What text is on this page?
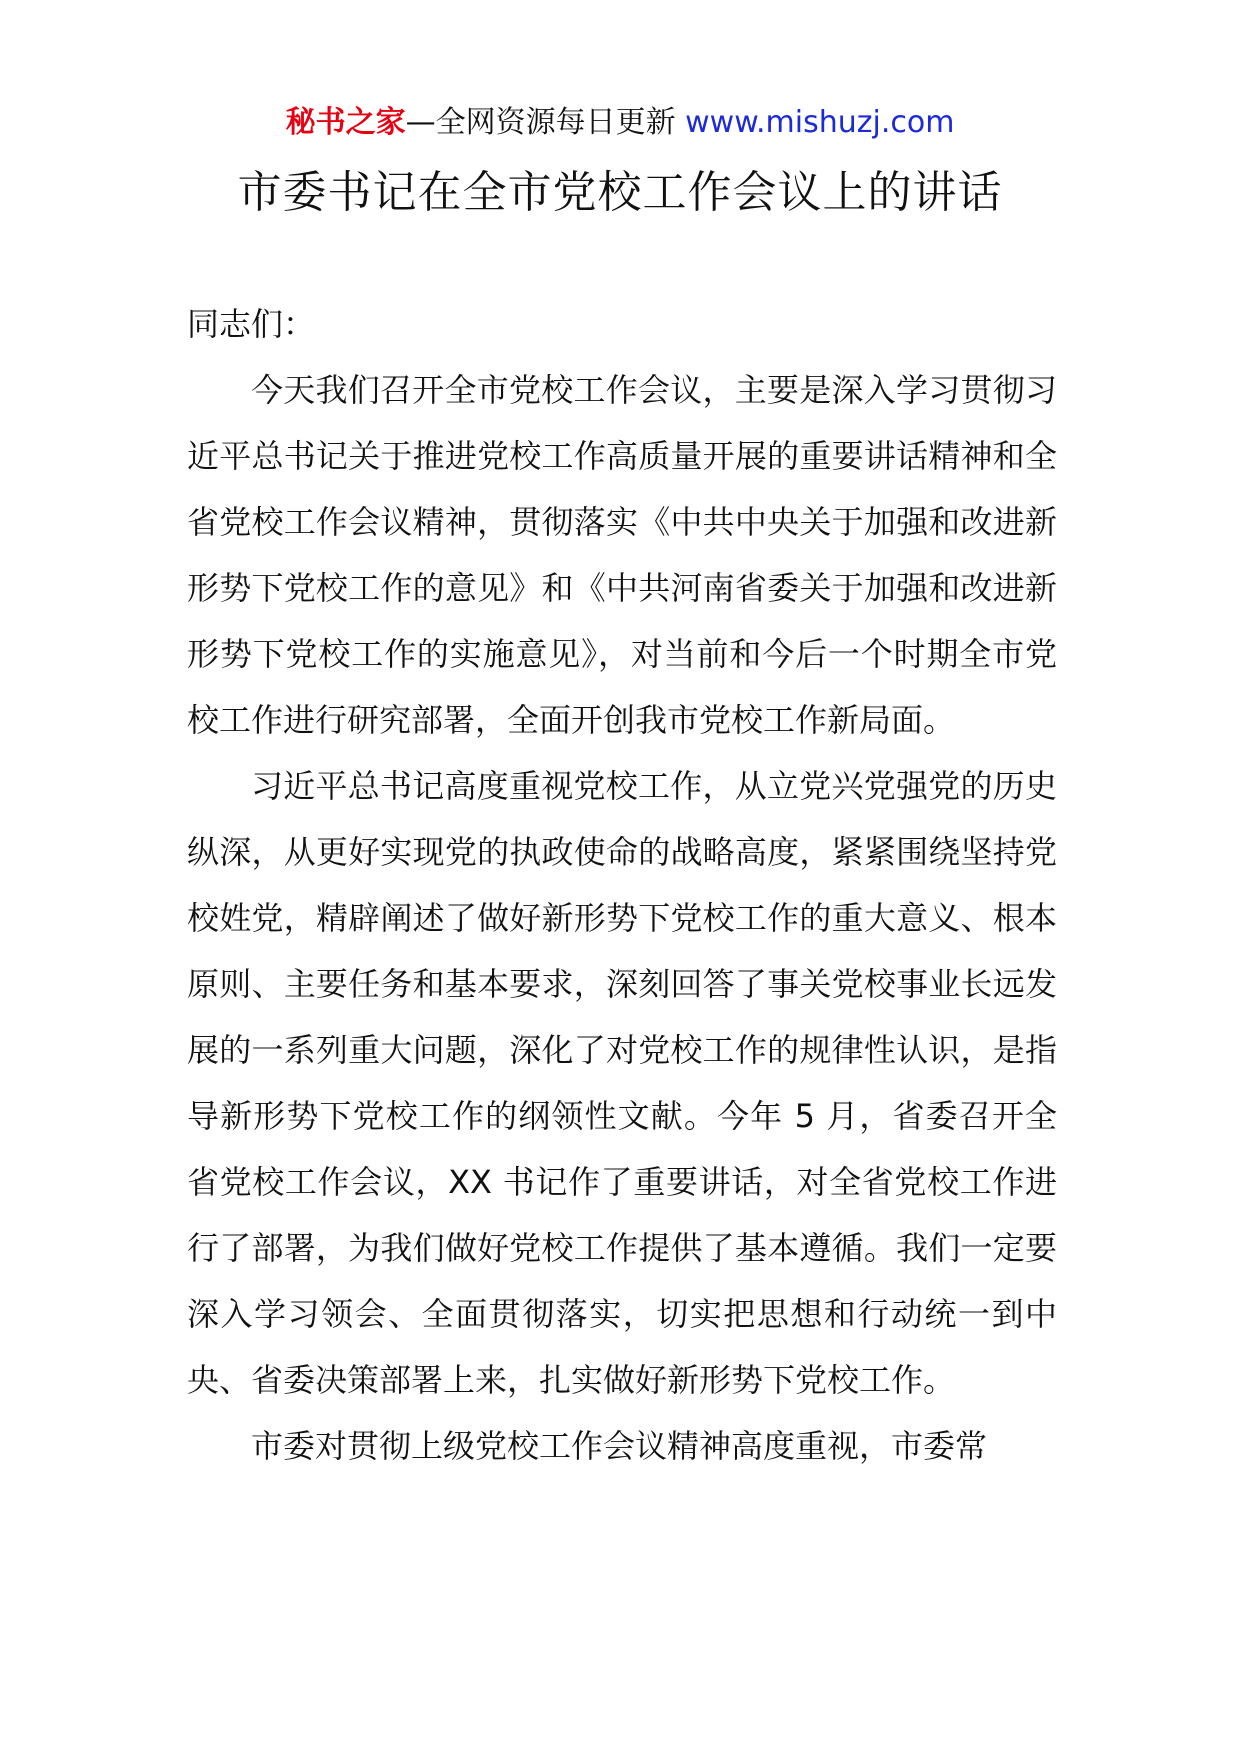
秘书之家—全网资源每日更新 www.mishuzj.com
市委书记在全市党校工作会议上的讲话

同志们：

今天我们召开全市党校工作会议，主要是深入学习贯彻习近平总书记关于推进党校工作高质量开展的重要讲话精神和全省党校工作会议精神，贯彻落实《中共中央关于加强和改进新形势下党校工作的意见》和《中共河南省委关于加强和改进新形势下党校工作的实施意见》，对当前和今后一个时期全市党校工作进行研究部署，全面开创我市党校工作新局面。

习近平总书记高度重视党校工作，从立党兴党强党的历史纵深，从更好实现党的执政使命的战略高度，紧紧围绕坚持党校姓党，精辟阐述了做好新形势下党校工作的重大意义、根本原则、主要任务和基本要求，深刻回答了事关党校事业长远发展的一系列重大问题，深化了对党校工作的规律性认识，是指导新形势下党校工作的纲领性文献。今年 5 月，省委召开全省党校工作会议，XX 书记作了重要讲话，对全省党校工作进行了部署，为我们做好党校工作提供了基本遵循。我们一定要深入学习领会、全面贯彻落实，切实把思想和行动统一到中央、省委决策部署上来，扎实做好新形势下党校工作。

市委对贯彻上级党校工作会议精神高度重视，市委常
